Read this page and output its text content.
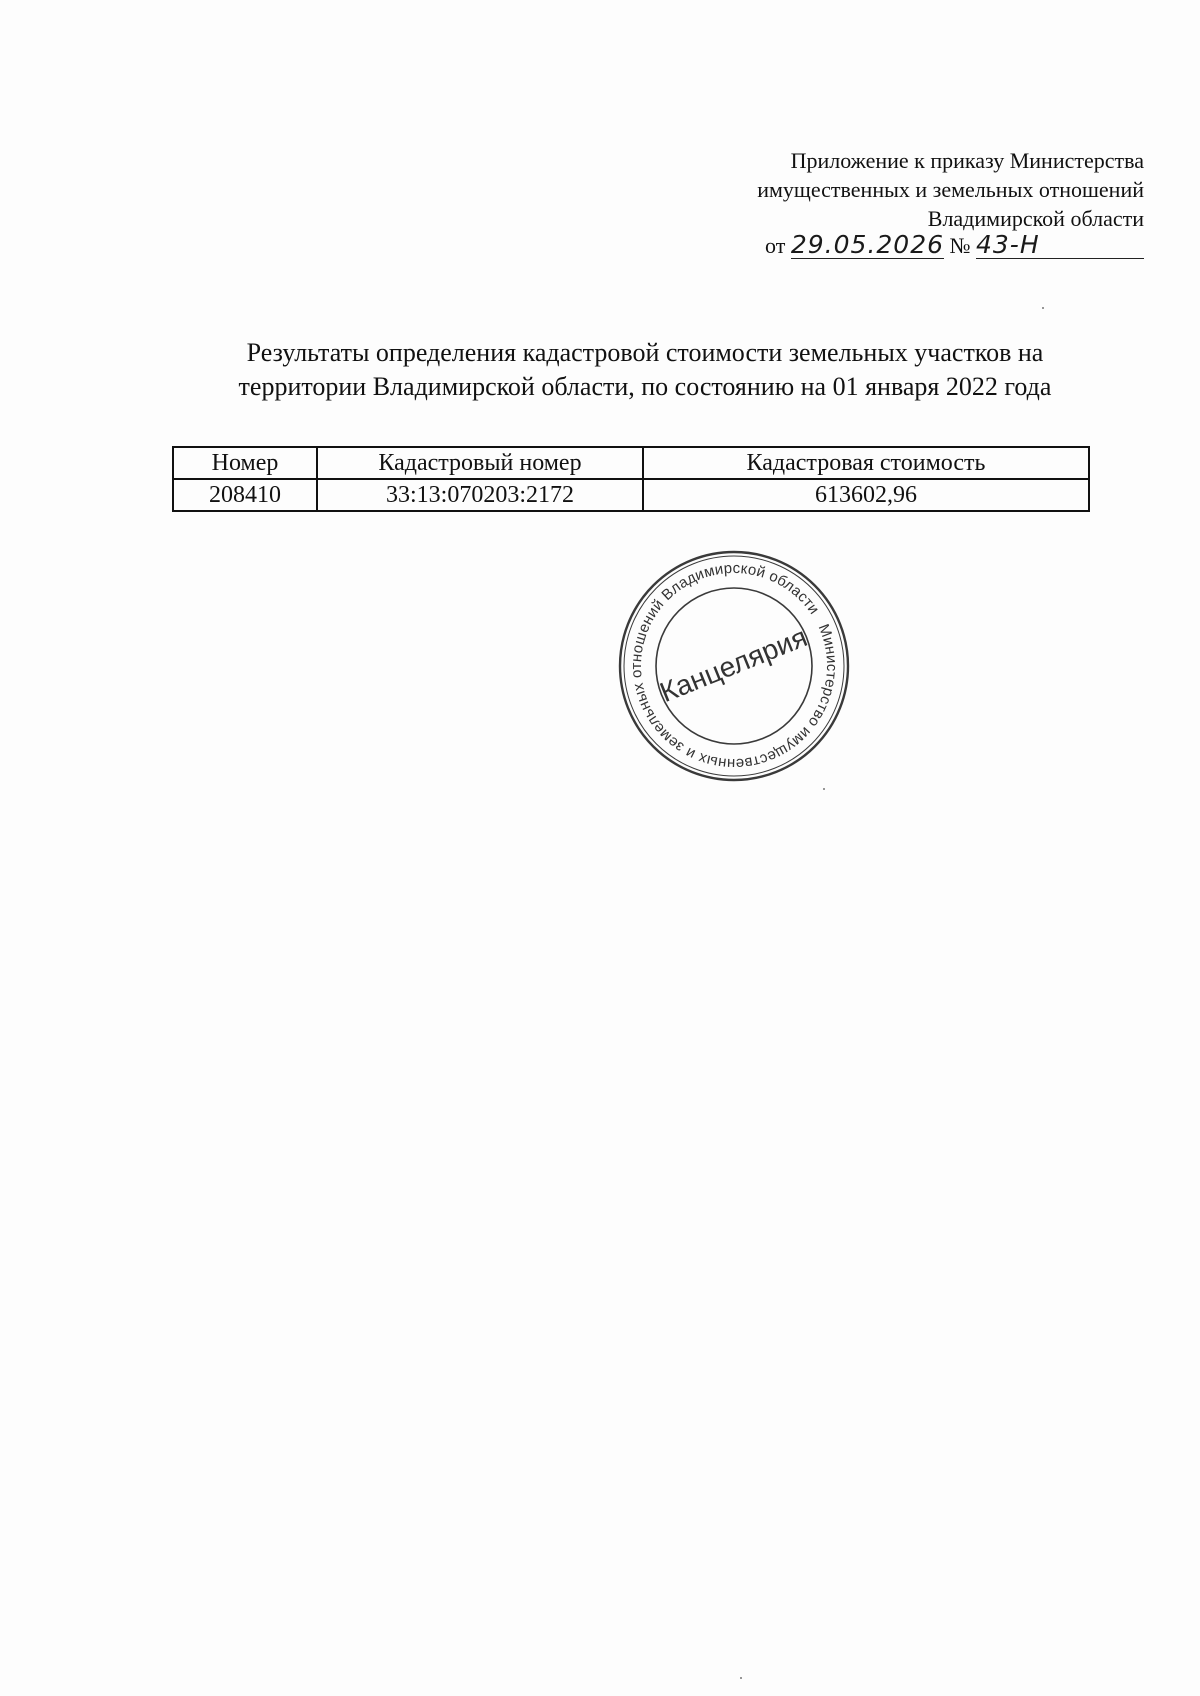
Приложение к приказу Министерства
имущественных и земельных отношений
Владимирской области
от 29.05.2026 № 43-Н
Результаты определения кадастровой стоимости земельных участков на
территории Владимирской области, по состоянию на 01 января 2022 года
Номер	Кадастровый номер	Кадастровая стоимость
208410	33:13:070203:2172	613602,96
Министерство имущественных и земельных отношений Владимирской области
Канцелярия
